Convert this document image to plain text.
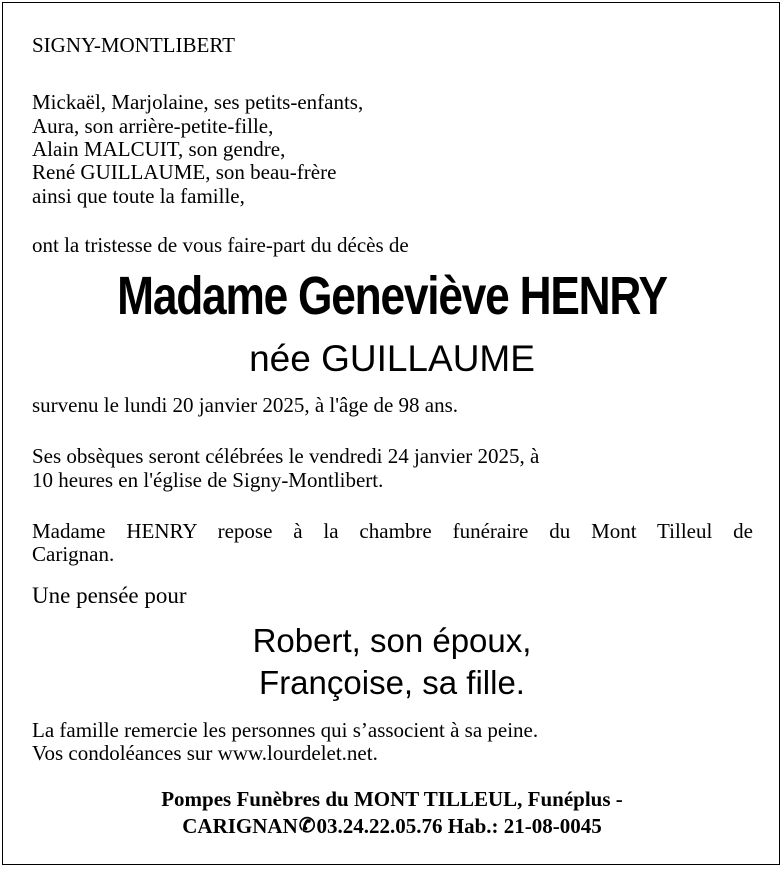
SIGNY-MONTLIBERT
Mickaël, Marjolaine, ses petits-enfants,
Aura, son arrière-petite-fille,
Alain MALCUIT, son gendre,
René GUILLAUME, son beau-frère
ainsi que toute la famille,
ont la tristesse de vous faire-part du décès de
Madame Geneviève HENRY
née GUILLAUME
survenu le lundi 20 janvier 2025, à l'âge de 98 ans.
Ses obsèques seront célébrées le vendredi 24 janvier 2025, à
10 heures en l'église de Signy-Montlibert.
Madame HENRY repose à la chambre funéraire du Mont Tilleul de
Carignan.
Une pensée pour
Robert, son époux,
Françoise, sa fille.
La famille remercie les personnes qui s’associent à sa peine.
Vos condoléances sur www.lourdelet.net.
Pompes Funèbres du MONT TILLEUL, Funéplus -
CARIGNAN✆03.24.22.05.76 Hab.: 21-08-0045
